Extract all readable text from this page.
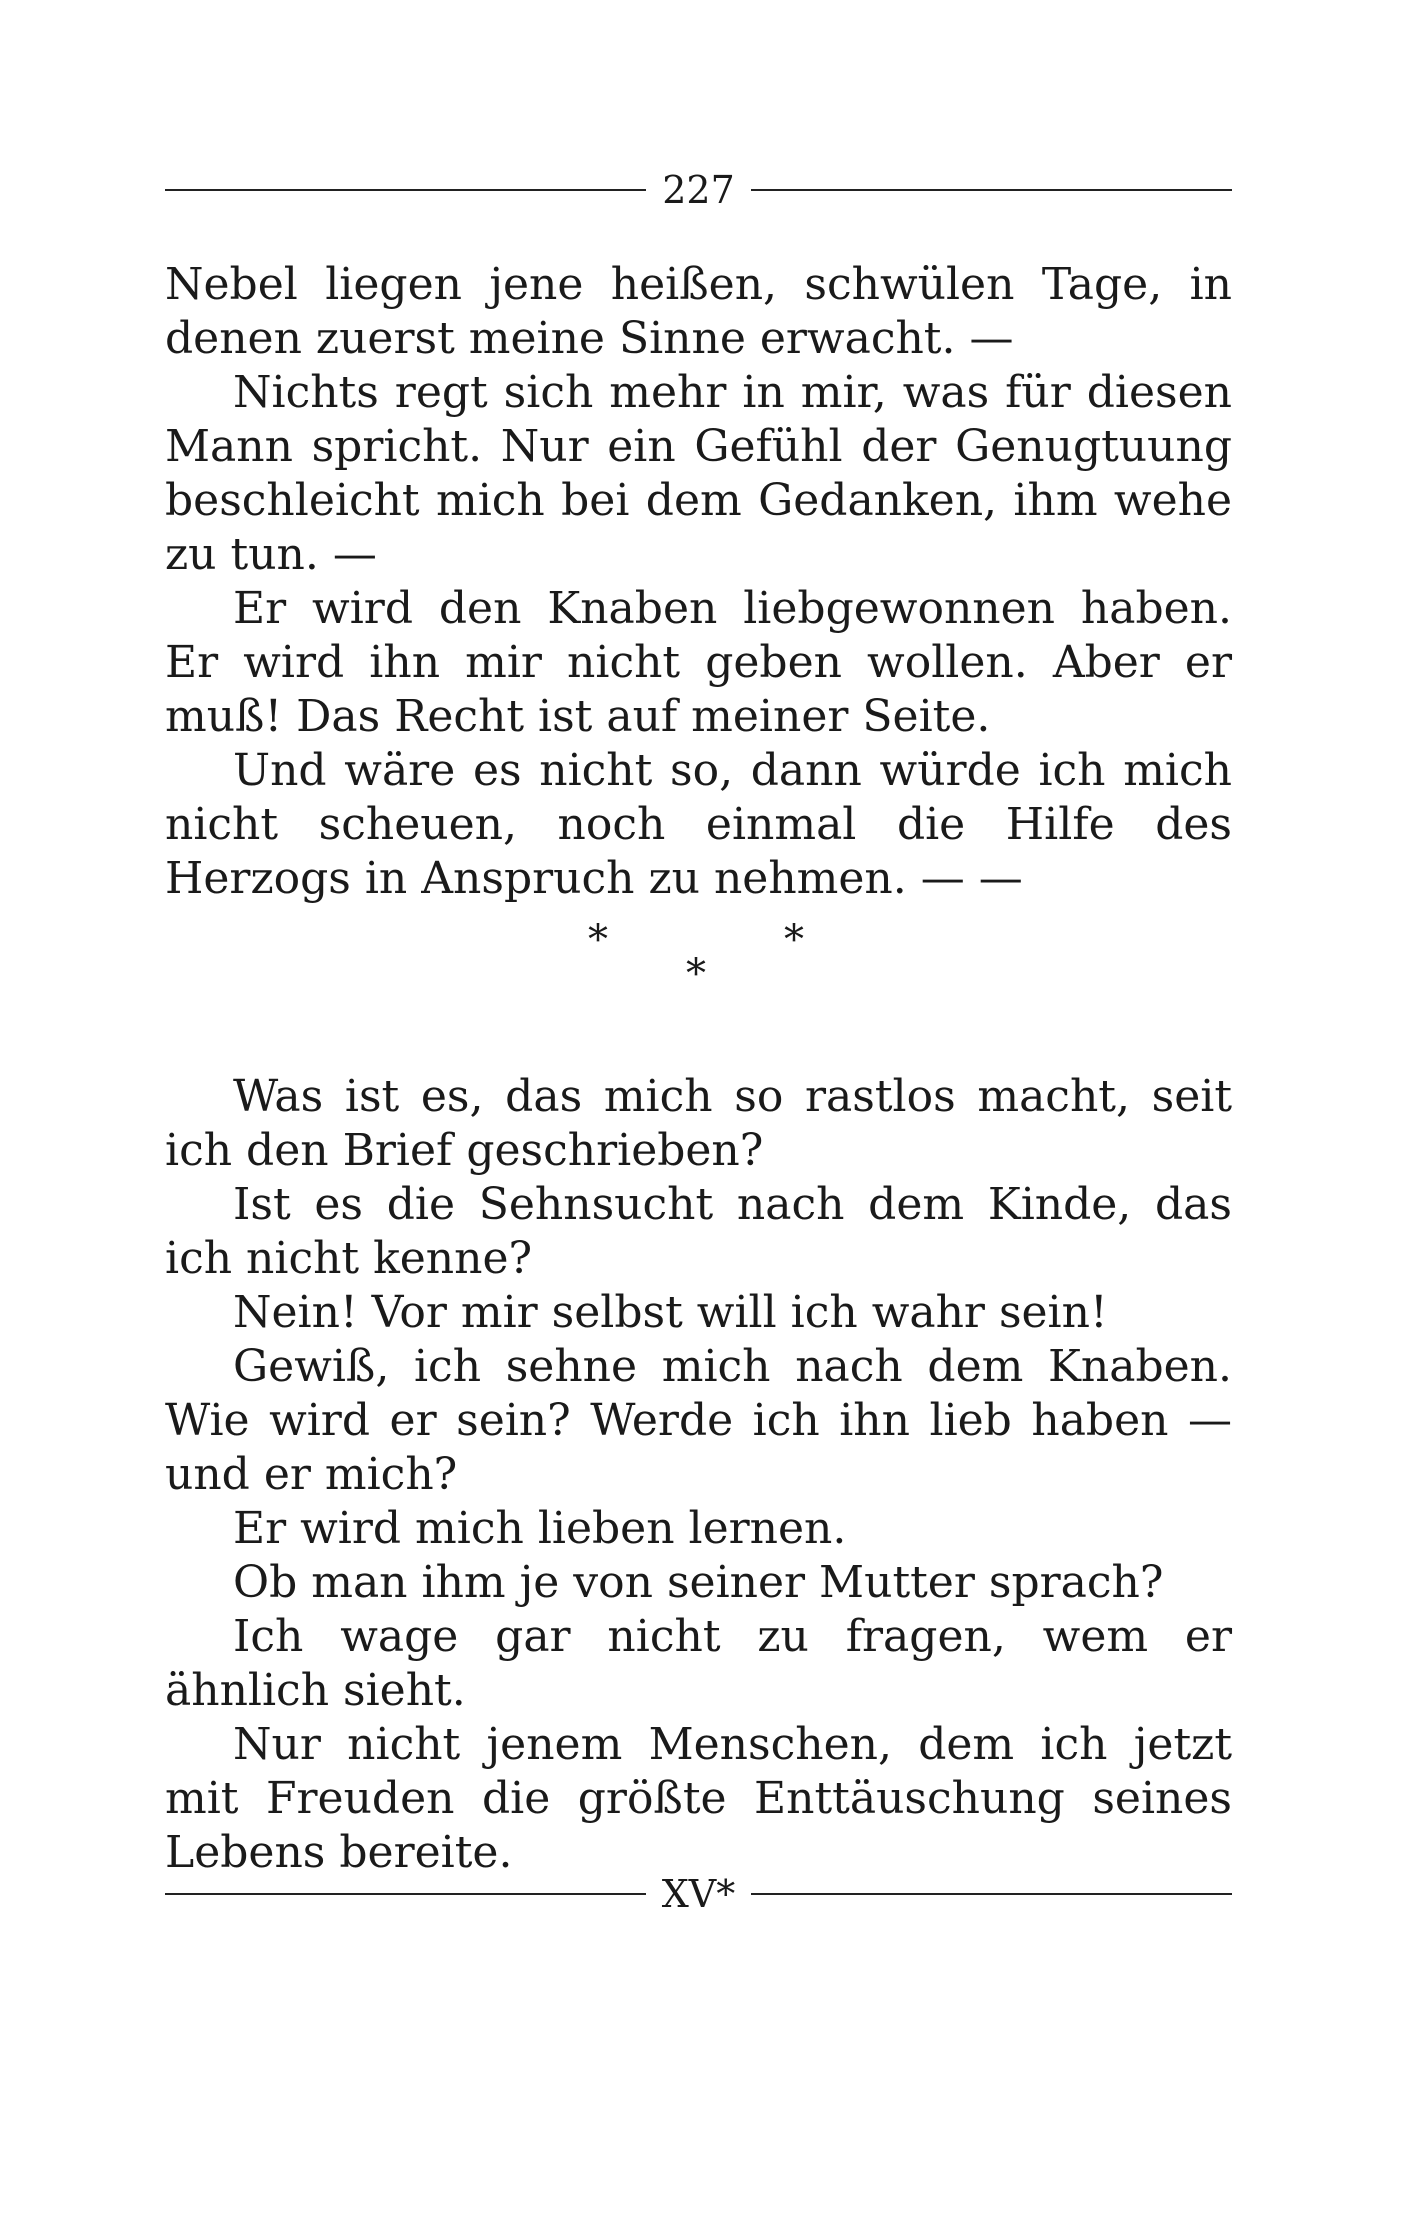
227

Nebel liegen jene heißen, schwülen Tage, in denen zuerst meine Sinne erwacht. —

Nichts regt sich mehr in mir, was für diesen Mann spricht. Nur ein Gefühl der Genugtuung beschleicht mich bei dem Gedanken, ihm wehe zu tun. —

Er wird den Knaben liebgewonnen haben. Er wird ihn mir nicht geben wollen. Aber er muß! Das Recht ist auf meiner Seite.

Und wäre es nicht so, dann würde ich mich nicht scheuen, noch einmal die Hilfe des Herzogs in Anspruch zu nehmen. — —

*	*
*

Was ist es, das mich so rastlos macht, seit ich den Brief geschrieben?

Ist es die Sehnsucht nach dem Kinde, das ich nicht kenne?

Nein! Vor mir selbst will ich wahr sein!

Gewiß, ich sehne mich nach dem Knaben. Wie wird er sein? Werde ich ihn lieb haben — und er mich?

Er wird mich lieben lernen.

Ob man ihm je von seiner Mutter sprach?

Ich wage gar nicht zu fragen, wem er ähnlich sieht.

Nur nicht jenem Menschen, dem ich jetzt mit Freuden die größte Enttäuschung seines Lebens bereite.

XV*
